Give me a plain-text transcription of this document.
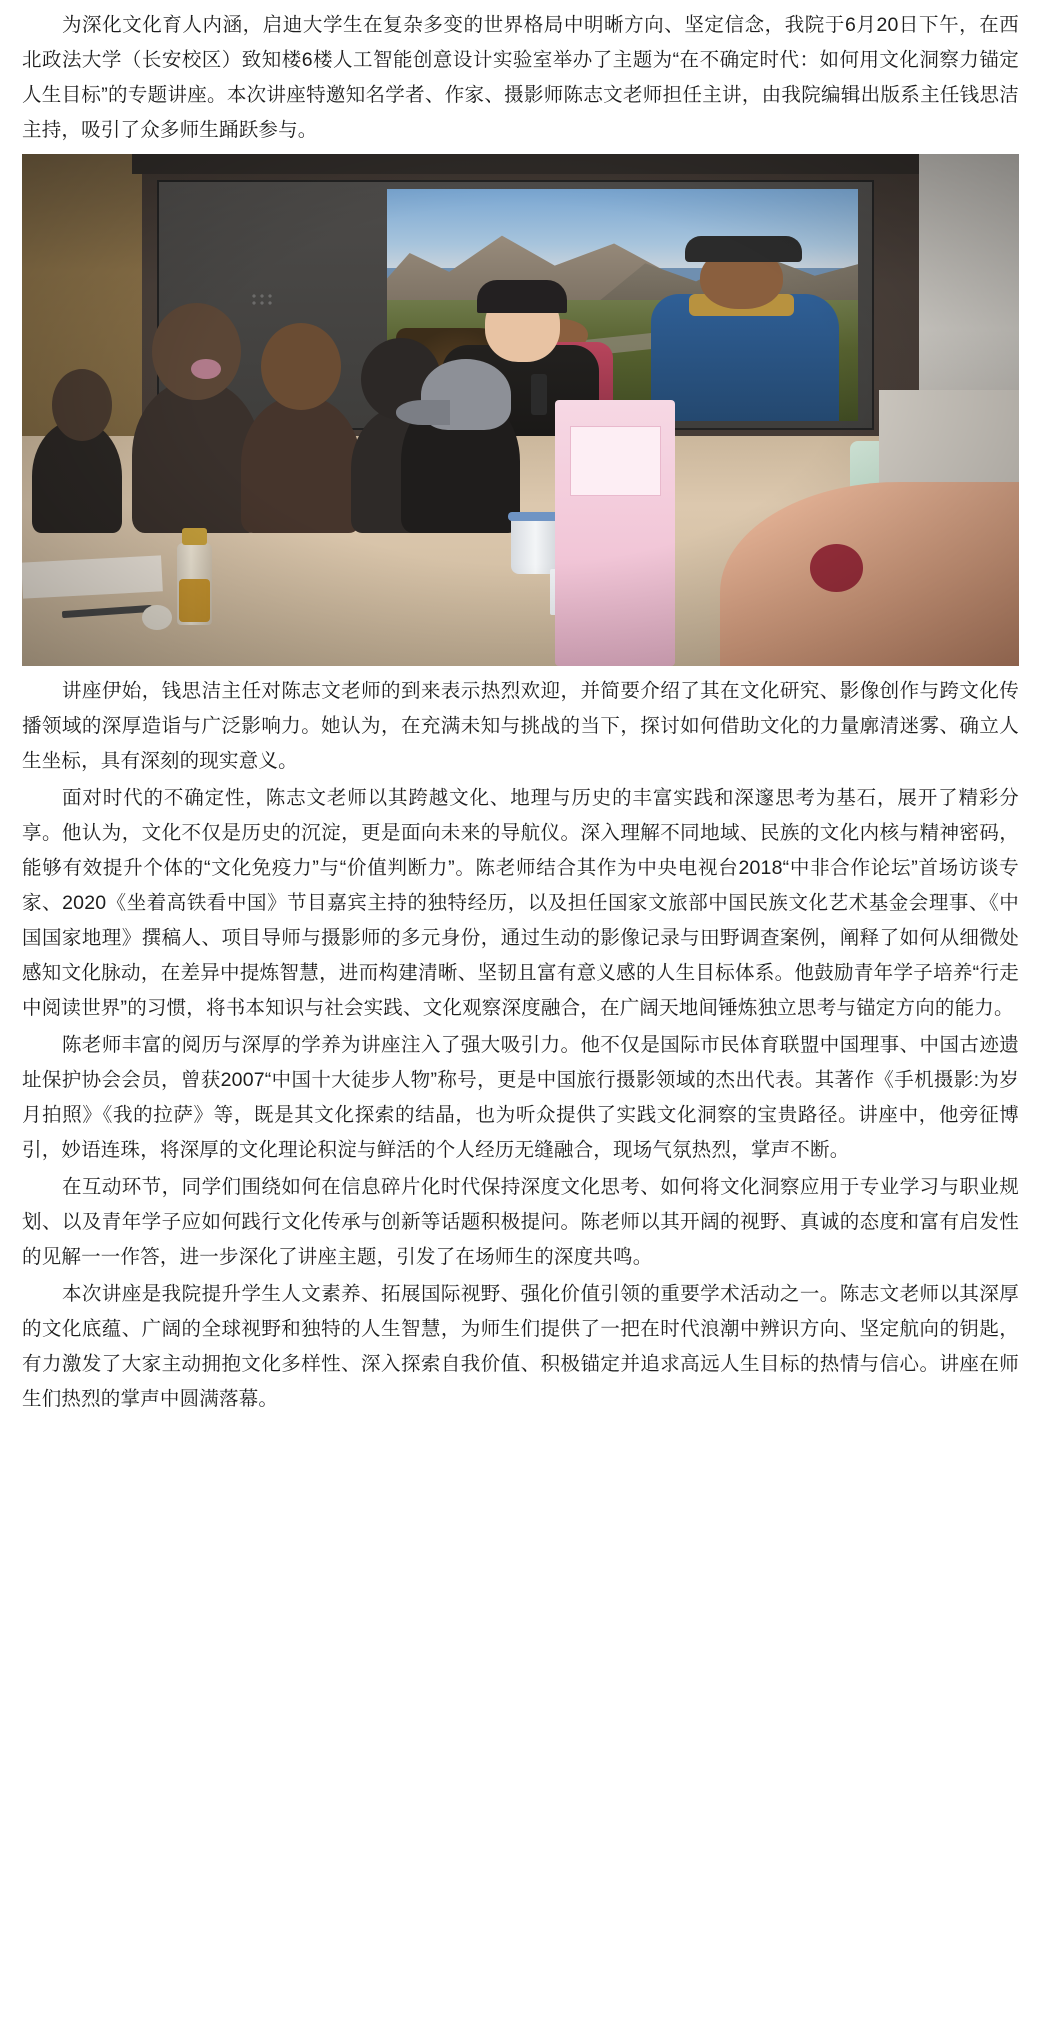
为深化文化育人内涵，启迪大学生在复杂多变的世界格局中明晰方向、坚定信念，我院于6月20日下午，在西北政法大学（长安校区）致知楼6楼人工智能创意设计实验室举办了主题为“在不确定时代：如何用文化洞察力锚定人生目标”的专题讲座。本次讲座特邀知名学者、作家、摄影师陈志文老师担任主讲，由我院编辑出版系主任钱思洁主持，吸引了众多师生踊跃参与。

讲座伊始，钱思洁主任对陈志文老师的到来表示热烈欢迎，并简要介绍了其在文化研究、影像创作与跨文化传播领域的深厚造诣与广泛影响力。她认为，在充满未知与挑战的当下，探讨如何借助文化的力量廓清迷雾、确立人生坐标，具有深刻的现实意义。

面对时代的不确定性，陈志文老师以其跨越文化、地理与历史的丰富实践和深邃思考为基石，展开了精彩分享。他认为，文化不仅是历史的沉淀，更是面向未来的导航仪。深入理解不同地域、民族的文化内核与精神密码，能够有效提升个体的“文化免疫力”与“价值判断力”。陈老师结合其作为中央电视台2018“中非合作论坛”首场访谈专家、2020《坐着高铁看中国》节目嘉宾主持的独特经历，以及担任国家文旅部中国民族文化艺术基金会理事、《中国国家地理》撰稿人、项目导师与摄影师的多元身份，通过生动的影像记录与田野调查案例，阐释了如何从细微处感知文化脉动，在差异中提炼智慧，进而构建清晰、坚韧且富有意义感的人生目标体系。他鼓励青年学子培养“行走中阅读世界”的习惯，将书本知识与社会实践、文化观察深度融合，在广阔天地间锤炼独立思考与锚定方向的能力。

陈老师丰富的阅历与深厚的学养为讲座注入了强大吸引力。他不仅是国际市民体育联盟中国理事、中国古迹遗址保护协会会员，曾获2007“中国十大徒步人物”称号，更是中国旅行摄影领域的杰出代表。其著作《手机摄影:为岁月拍照》《我的拉萨》等，既是其文化探索的结晶，也为听众提供了实践文化洞察的宝贵路径。讲座中，他旁征博引，妙语连珠，将深厚的文化理论积淀与鲜活的个人经历无缝融合，现场气氛热烈，掌声不断。

在互动环节，同学们围绕如何在信息碎片化时代保持深度文化思考、如何将文化洞察应用于专业学习与职业规划、以及青年学子应如何践行文化传承与创新等话题积极提问。陈老师以其开阔的视野、真诚的态度和富有启发性的见解一一作答，进一步深化了讲座主题，引发了在场师生的深度共鸣。

本次讲座是我院提升学生人文素养、拓展国际视野、强化价值引领的重要学术活动之一。陈志文老师以其深厚的文化底蕴、广阔的全球视野和独特的人生智慧，为师生们提供了一把在时代浪潮中辨识方向、坚定航向的钥匙，有力激发了大家主动拥抱文化多样性、深入探索自我价值、积极锚定并追求高远人生目标的热情与信心。讲座在师生们热烈的掌声中圆满落幕。
